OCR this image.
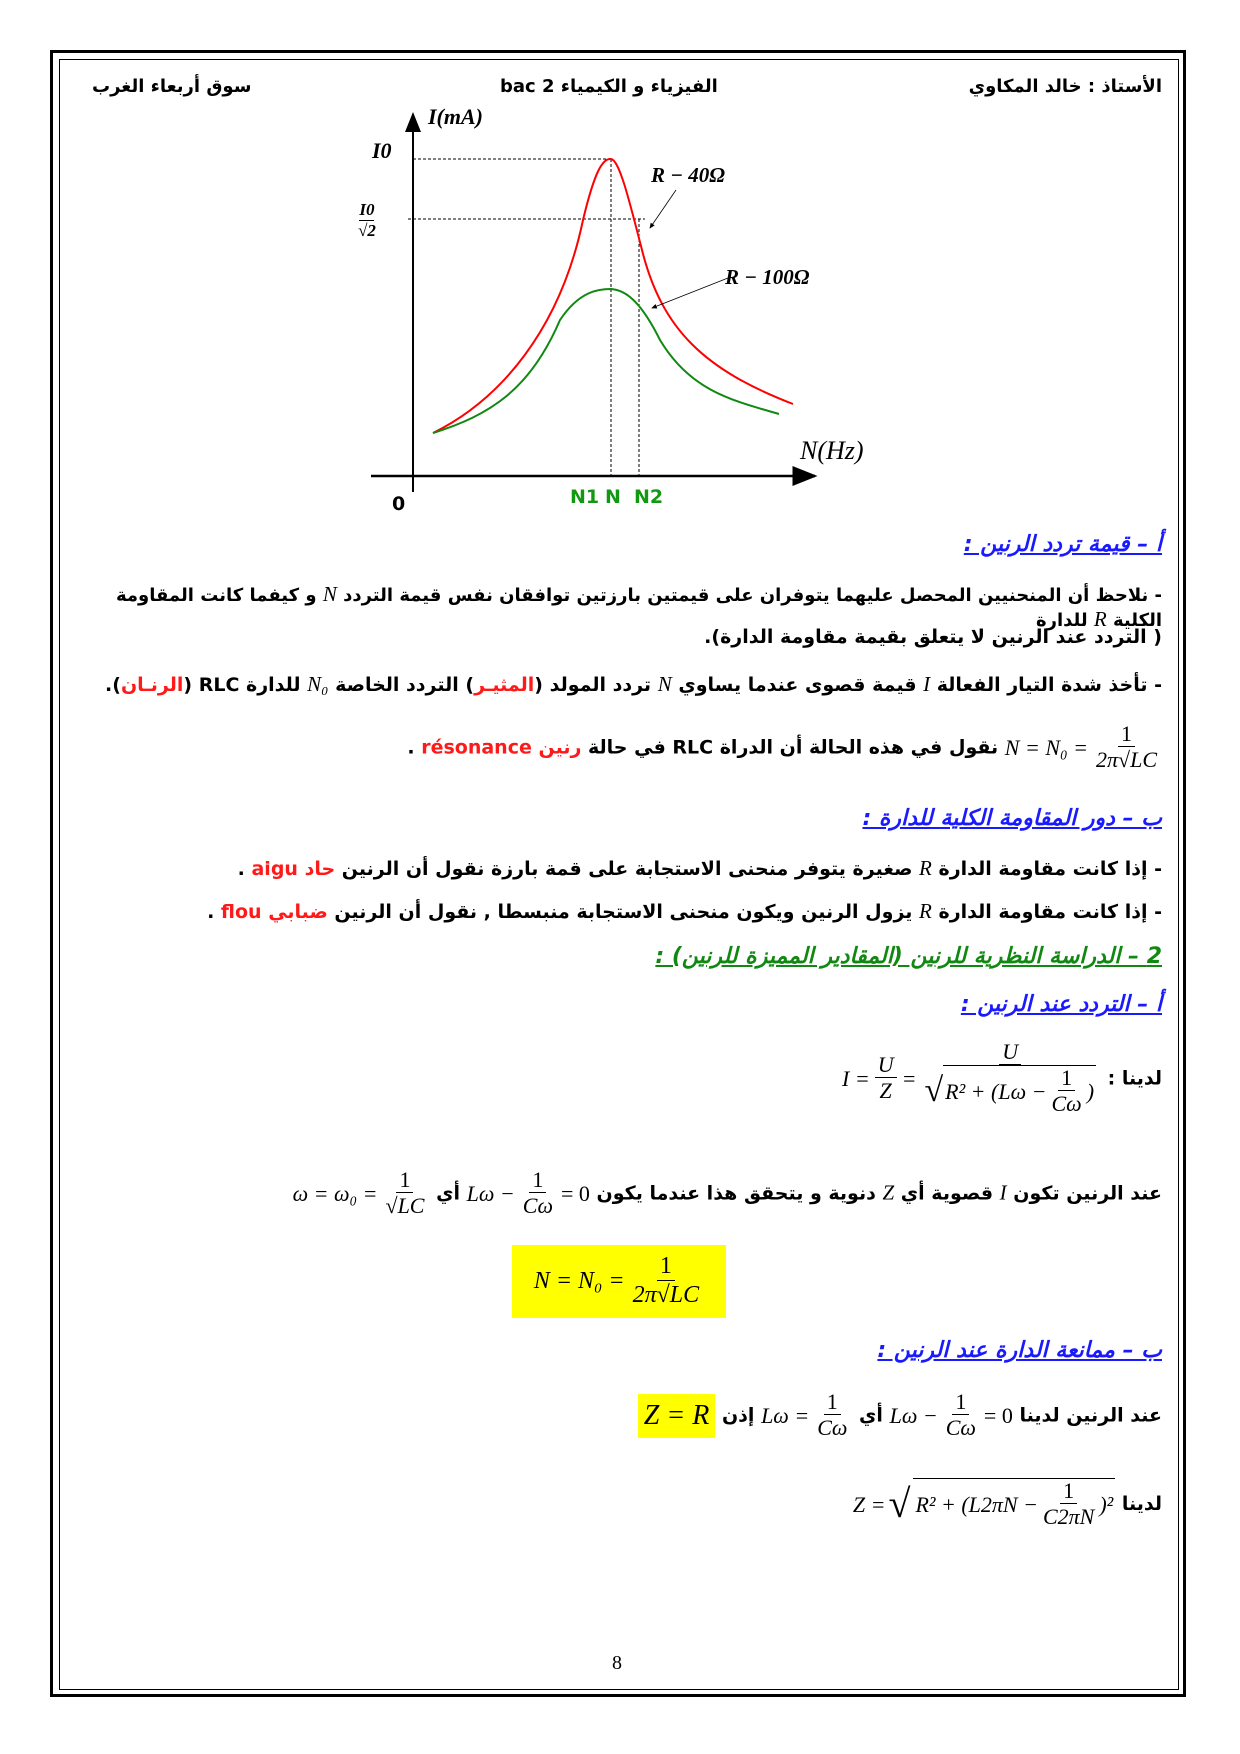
الأستاذ : خالد المكاوي
الفيزياء و الكيمياء 2 bac
سوق أربعاء الغرب
I(mA)
I0
$\frac{I0}{√2}$
R − 40Ω
R − 100Ω
N(Hz)
0	N1 N N2
أ – قيمة تردد الرنين :
- نلاحظ أن المنحنيين المحصل عليهما يتوفران على قيمتين بارزتين توافقان نفس قيمة التردد N و كيفما كانت المقاومة الكلية R للدارة
( التردد عند الرنين لا يتعلق بقيمة مقاومة الدارة).
- تأخذ شدة التيار الفعالة I قيمة قصوى عندما يساوي N تردد المولد (المثيـر) التردد الخاصة N₀ للدارة RLC (الرنـان).
$N = N_0 = \frac{1}{2\pi√LC}$
نقول في هذه الحالة أن الدراة RLC في حالة رنين résonance .
ب – دور المقاومة الكلية للدارة :
- إذا كانت مقاومة الدارة R صغيرة يتوفر منحنى الاستجابة على قمة بارزة نقول أن الرنين حاد aigu .
- إذا كانت مقاومة الدارة R يزول الرنين ويكون منحنى الاستجابة منبسطا , نقول أن الرنين ضبابي flou .
2 – الدراسة النظرية للرنين (المقادير المميزة للرنين) :
أ – التردد عند الرنين :
لدينا :
$I = \frac{U}{Z} = \frac{U}{√ R^2 + (L\omega - \frac{1}{C\omega} )}$
عند الرنين تكون I قصوية أي Z دنوية و يتحقق هذا عندما يكون
$L\omega - \frac{1}{C\omega} = 0$
أي
$\omega = \omega_0 = \frac{1}{√LC}$
$N = N_0 = \frac{1}{2\pi√LC}$
ب – ممانعة الدارة عند الرنين :
عند الرنين لدينا
$L\omega - \frac{1}{C\omega} = 0$
أي
$L\omega = \frac{1}{C\omega}$
إذن Z = R
لدينا
Z = √ $R^2 + (L2\pi N - \frac{1}{C2\pi N} )^2$
8
